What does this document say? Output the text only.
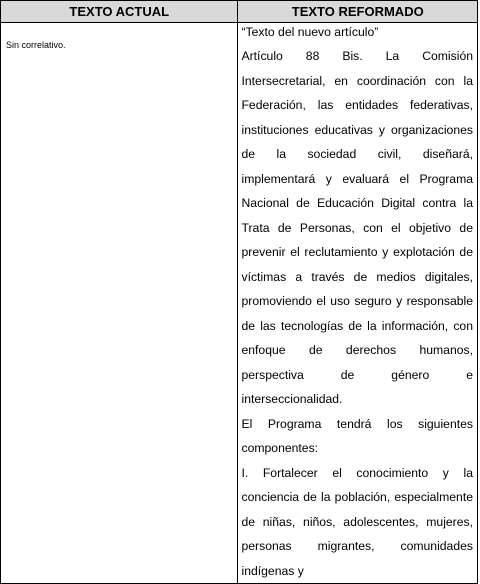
TEXTO ACTUAL	TEXTO REFORMADO
Sin correlativo.	“Texto del nuevo artículo”

Artículo 88 Bis. La Comisión Intersecretarial, en coordinación con la Federación, las entidades federativas, instituciones educativas y organizaciones de la sociedad civil, diseñará, implementará y evaluará el Programa Nacional de Educación Digital contra la Trata de Personas, con el objetivo de prevenir el reclutamiento y explotación de víctimas a través de medios digitales, promoviendo el uso seguro y responsable de las tecnologías de la información, con enfoque de derechos humanos, perspectiva de género e interseccionalidad.

El Programa tendrá los siguientes componentes:

I. Fortalecer el conocimiento y la conciencia de la población, especialmente de niñas, niños, adolescentes, mujeres, personas migrantes, comunidades indígenas y
